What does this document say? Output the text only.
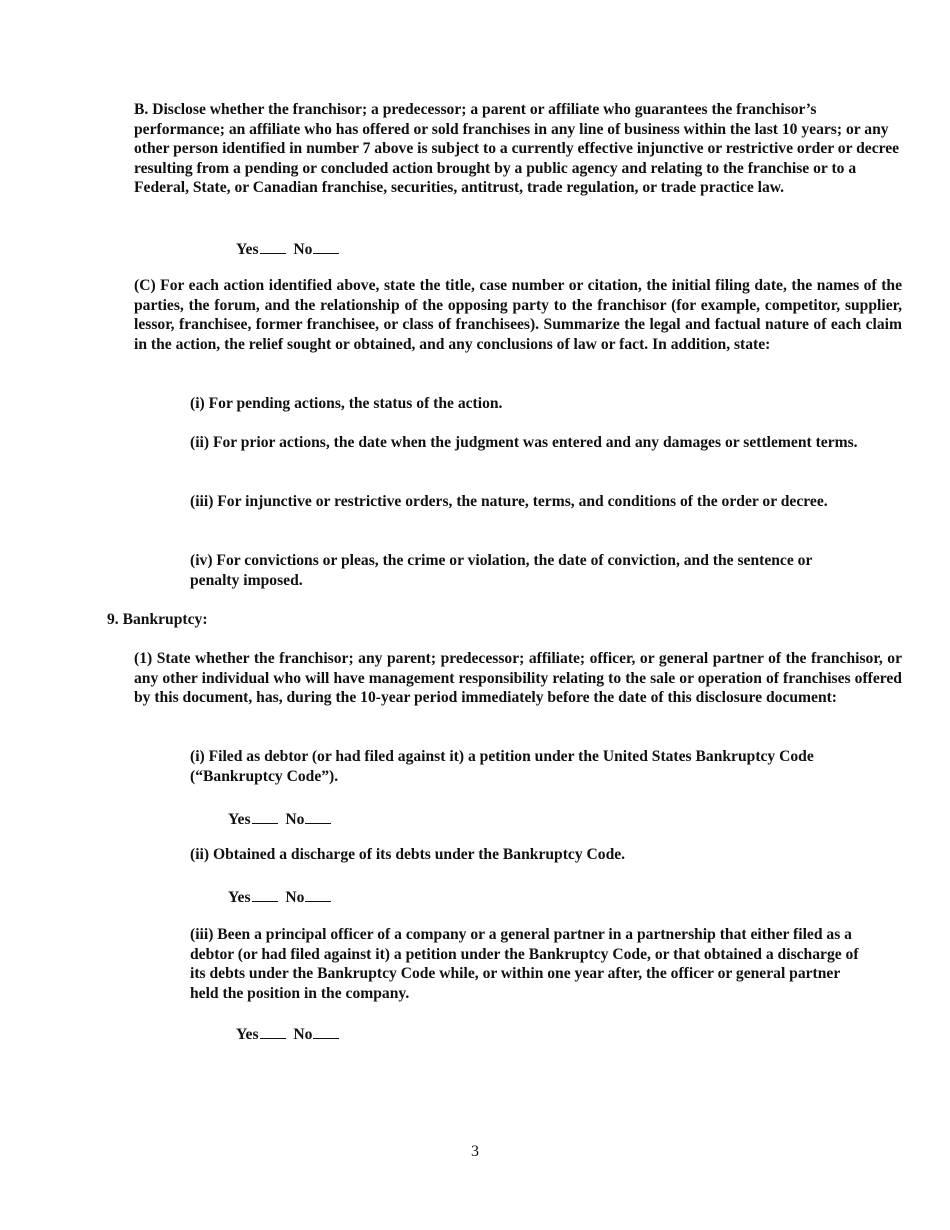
B. Disclose whether the franchisor; a predecessor; a parent or affiliate who guarantees the franchisor’s performance; an affiliate who has offered or sold franchises in any line of business within the last 10 years; or any other person identified in number 7 above is subject to a currently effective injunctive or restrictive order or decree resulting from a pending or concluded action brought by a public agency and relating to the franchise or to a Federal, State, or Canadian franchise, securities, antitrust, trade regulation, or trade practice law.
Yes No
(C) For each action identified above, state the title, case number or citation, the initial filing date, the names of the parties, the forum, and the relationship of the opposing party to the franchisor (for example, competitor, supplier, lessor, franchisee, former franchisee, or class of franchisees). Summarize the legal and factual nature of each claim in the action, the relief sought or obtained, and any conclusions of law or fact. In addition, state:
(i) For pending actions, the status of the action.
(ii) For prior actions, the date when the judgment was entered and any damages or settlement terms.
(iii) For injunctive or restrictive orders, the nature, terms, and conditions of the order or decree.
(iv) For convictions or pleas, the crime or violation, the date of conviction, and the sentence or penalty imposed.
9. Bankruptcy:
(1) State whether the franchisor; any parent; predecessor; affiliate; officer, or general partner of the franchisor, or any other individual who will have management responsibility relating to the sale or operation of franchises offered by this document, has, during the 10-year period immediately before the date of this disclosure document:
(i) Filed as debtor (or had filed against it) a petition under the United States Bankruptcy Code (“Bankruptcy Code”).
Yes No
(ii) Obtained a discharge of its debts under the Bankruptcy Code.
Yes No
(iii) Been a principal officer of a company or a general partner in a partnership that either filed as a debtor (or had filed against it) a petition under the Bankruptcy Code, or that obtained a discharge of its debts under the Bankruptcy Code while, or within one year after, the officer or general partner held the position in the company.
Yes No
3
